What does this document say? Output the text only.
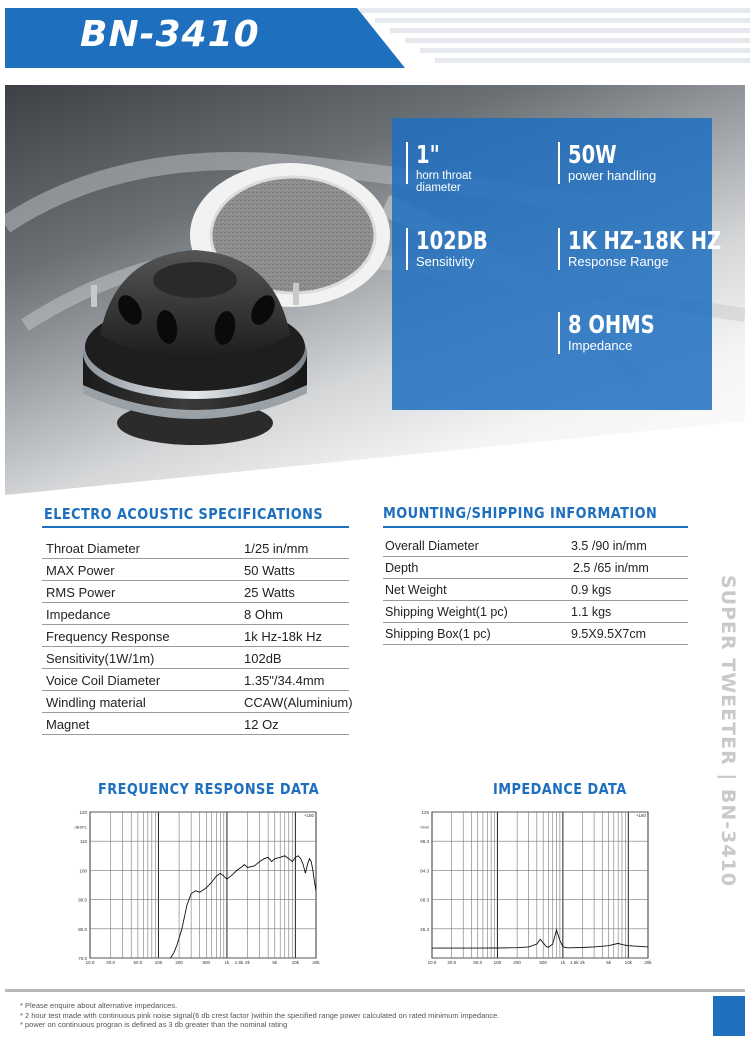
BN-3410
1"
horn throat
diameter
50W
power handling
102DB
Sensitivity
1K HZ-18K HZ
Response Range
8 OHMS
Impedance
ELECTRO ACOUSTIC SPECIFICATIONS
Throat Diameter	1/25 in/mm
MAX Power	50 Watts
RMS Power	25 Watts
Impedance	8 Ohm
Frequency Response	1k Hz-18k Hz
Sensitivity(1W/1m)	102dB
Voice Coil Diameter	1.35"/34.4mm
Windling material	CCAW(Aluminium)
Magnet	12 Oz
MOUNTING/SHIPPING INFORMATION
Overall Diameter	3.5 /90 in/mm
Depth	2.5 /65 in/mm
Net Weight	0.9 kgs
Shipping Weight(1 pc)	1.1 kgs
Shipping Box(1 pc)	9.5X9.5X7cm	SUPER TWEETER | BN-3410
FREQUENCY RESPONSE DATA
120
110
100
90.0
80.0
70.0
dBSPL
+180
10.0	20.0	50.0	100	200	500	1k 1.5k 2k	5k	10k	20k
IMPEDANCE DATA
125
99.3
84.3
68.3
26.3
Ohm
+180
10.0 20.0	50.0	100	200	500	1k 1.5k 2k	5k	10k	20k
* Please enquire about alternative impedances.
* 2 hour test made with continuous pink noise signal(6 db crest factor )within the specified range power calculated on rated minimum impedance.
* power on continuous progran is defined as 3 db greater than the nominal rating
